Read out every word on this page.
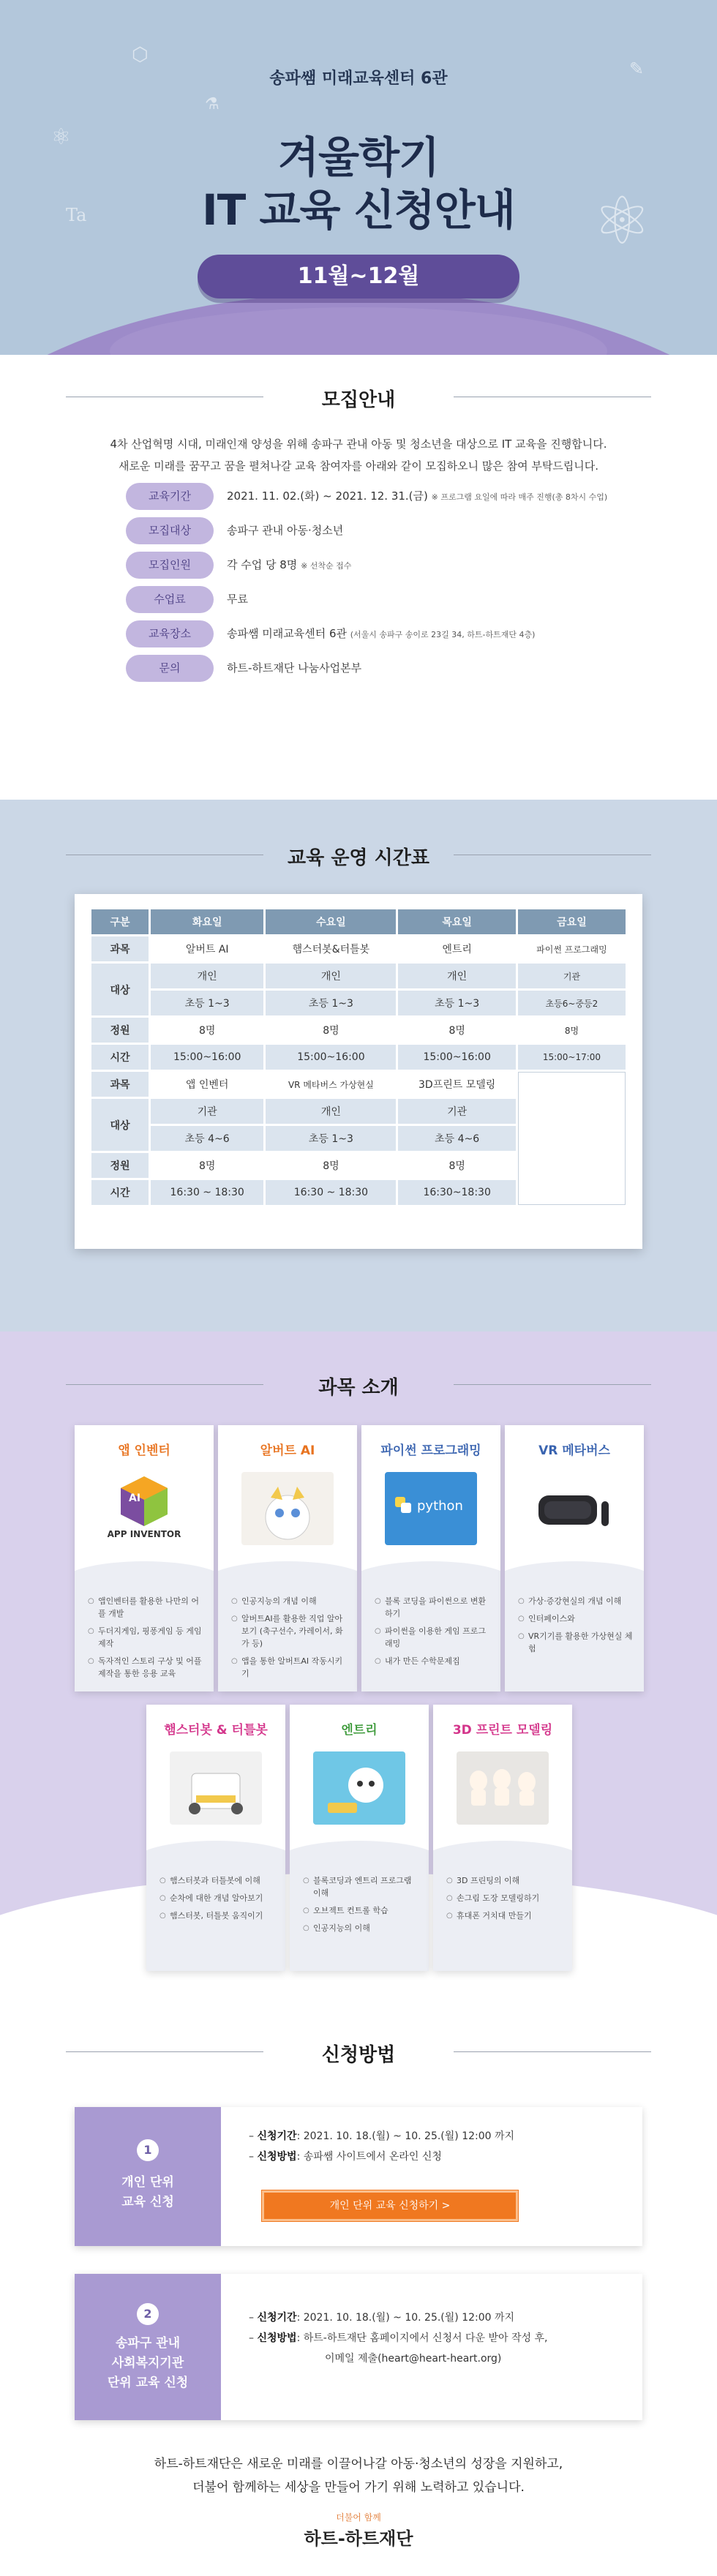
⚛
Ta	⚛
✎
⬡
⚗
송파쌤 미래교육센터 6관
겨울학기
IT 교육 신청안내
11월~12월
모집안내
4차 산업혁명 시대, 미래인재 양성을 위해 송파구 관내 아동 및 청소년을 대상으로 IT 교육을 진행합니다.
새로운 미래를 꿈꾸고 꿈을 펼쳐나갈 교육 참여자를 아래와 같이 모집하오니 많은 참여 부탁드립니다.
교육기간	2021. 11. 02.(화) ~ 2021. 12. 31.(금) ※ 프로그램 요일에 따라 매주 진행(총 8차시 수업)
모집대상	송파구 관내 아동·청소년
모집인원	각 수업 당 8명 ※ 선착순 접수
수업료	무료
교육장소	송파쌤 미래교육센터 6관 (서울시 송파구 송이로 23길 34, 하트-하트재단 4층)
문의	하트-하트재단 나눔사업본부
교육 운영 시간표
구분	화요일	수요일	목요일	금요일
과목	알버트 AI	햄스터봇&터틀봇	엔트리	파이썬 프로그래밍
대상	개인	개인	개인	기관
	초등 1~3	초등 1~3	초등 1~3	초등6~중등2
정원	8명	8명	8명	8명
시간	15:00~16:00	15:00~16:00	15:00~16:00	15:00~17:00
과목	앱 인벤터	VR 메타버스 가상현실	3D프린트 모델링	
대상	기관	개인	기관	
	초등 4~6	초등 1~3	초등 4~6	
정원	8명	8명	8명	
시간	16:30 ~ 18:30	16:30 ~ 18:30	16:30~18:30	
과목 소개
앱 인벤터
AI
APP INVENTOR
○ 앱인벤터를 활용한 나만의 어플 개발
○ 두더지게임, 핑퐁게임 등 게임 제작
○ 독자적인 스토리 구상 및 어플 제작을 통한 응용 교육
알버트 AI
○ 인공지능의 개념 이해
○ 알버트AI를 활용한 직업 알아보기 (축구선수, 카레이서, 화가 등)
○ 앱을 통한 알버트AI 작동시키기
파이썬 프로그래밍
python
○ 블록 코딩을 파이썬으로 변환하기
○ 파이썬을 이용한 게임 프로그래밍
○ 내가 만든 수학문제집
VR 메타버스
○ 가상·증강현실의 개념 이해
○ 인터페이스와
○ VR기기를 활용한 가상현실 체험
햄스터봇 & 터틀봇
○ 햄스터봇과 터틀봇에 이해
○ 순차에 대한 개념 알아보기
○ 햄스터봇, 터틀봇 움직이기
엔트리
○ 블록코딩과 엔트리 프로그램 이해
○ 오브젝트 컨트롤 학습
○ 인공지능의 이해
3D 프린트 모델링
○ 3D 프린팅의 이해
○ 손그림 도장 모델링하기
○ 휴대폰 거치대 만들기
신청방법
1
개인 단위
교육 신청
– 신청기간: 2021. 10. 18.(월) ~ 10. 25.(월) 12:00 까지
– 신청방법: 송파쌤 사이트에서 온라인 신청
개인 단위 교육 신청하기 >
2
송파구 관내
사회복지기관
단위 교육 신청
– 신청기간: 2021. 10. 18.(월) ~ 10. 25.(월) 12:00 까지
– 신청방법: 하트-하트재단 홈페이지에서 신청서 다운 받아 작성 후,
이메일 제출(heart@heart-heart.org)
하트-하트재단은 새로운 미래를 이끌어나갈 아동·청소년의 성장을 지원하고,
더불어 함께하는 세상을 만들어 가기 위해 노력하고 있습니다.
더불어 함께
하트-하트재단
